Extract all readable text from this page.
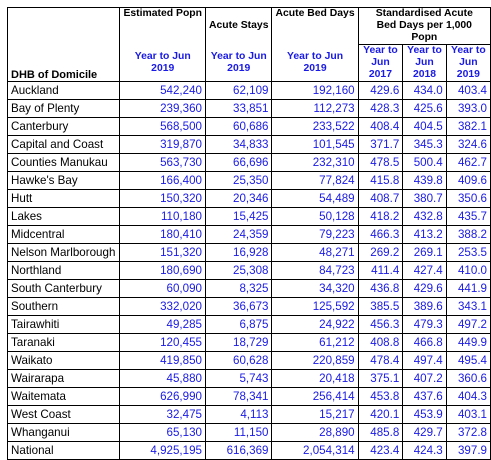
	Estimated Popn	Acute Stays	Acute Bed Days	Standardised Acute Bed Days per 1,000 Popn		
DHB of Domicile	Year to Jun 2019	Year to Jun 2019	Year to Jun 2019	Year to Jun 2017	Year to Jun 2018	Year to Jun 2019
Auckland	542,240	62,109	192,160	429.6	434.0	403.4
Bay of Plenty	239,360	33,851	112,273	428.3	425.6	393.0
Canterbury	568,500	60,686	233,522	408.4	404.5	382.1
Capital and Coast	319,870	34,833	101,545	371.7	345.3	324.6
Counties Manukau	563,730	66,696	232,310	478.5	500.4	462.7
Hawke's Bay	166,400	25,350	77,824	415.8	439.8	409.6
Hutt	150,320	20,346	54,489	408.7	380.7	350.6
Lakes	110,180	15,425	50,128	418.2	432.8	435.7
Midcentral	180,410	24,359	79,223	466.3	413.2	388.2
Nelson Marlborough	151,320	16,928	48,271	269.2	269.1	253.5
Northland	180,690	25,308	84,723	411.4	427.4	410.0
South Canterbury	60,090	8,325	34,320	436.8	429.6	441.9
Southern	332,020	36,673	125,592	385.5	389.6	343.1
Tairawhiti	49,285	6,875	24,922	456.3	479.3	497.2
Taranaki	120,455	18,729	61,212	408.8	466.8	449.9
Waikato	419,850	60,628	220,859	478.4	497.4	495.4
Wairarapa	45,880	5,743	20,418	375.1	407.2	360.6
Waitemata	626,990	78,341	256,414	453.8	437.6	404.3
West Coast	32,475	4,113	15,217	420.1	453.9	403.1
Whanganui	65,130	11,150	28,890	485.8	429.7	372.8
National	4,925,195	616,369	2,054,314	423.4	424.3	397.9
